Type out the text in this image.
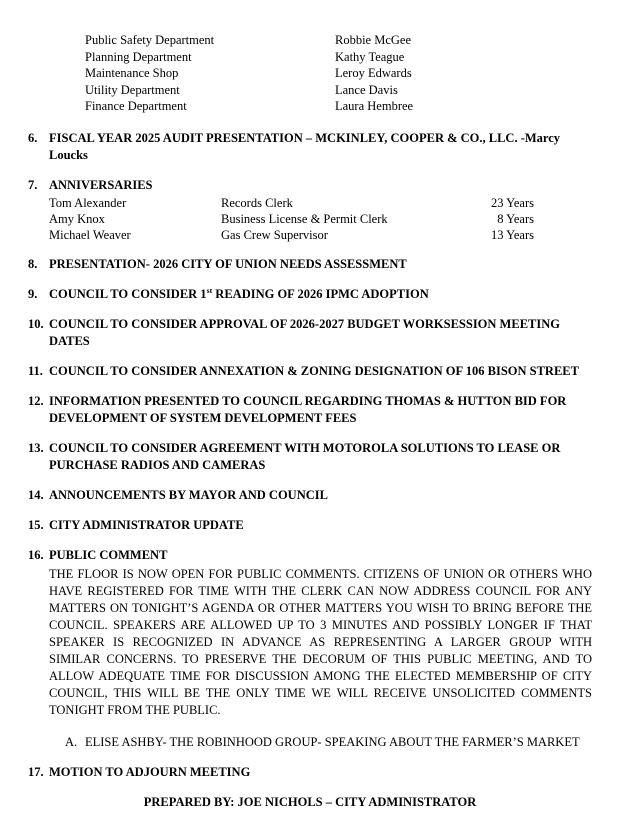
Public Safety Department	Robbie McGee
Planning Department	Kathy Teague
Maintenance Shop	Leroy Edwards
Utility Department	Lance Davis
Finance Department	Laura Hembree
6. FISCAL YEAR 2025 AUDIT PRESENTATION – MCKINLEY, COOPER & CO., LLC. -Marcy Loucks
7. ANNIVERSARIES
Tom Alexander	Records Clerk	23 Years
Amy Knox	Business License & Permit Clerk	8 Years
Michael Weaver	Gas Crew Supervisor	13 Years
8. PRESENTATION- 2026 CITY OF UNION NEEDS ASSESSMENT
9. COUNCIL TO CONSIDER 1st READING OF 2026 IPMC ADOPTION
10. COUNCIL TO CONSIDER APPROVAL OF 2026-2027 BUDGET WORKSESSION MEETING DATES
11. COUNCIL TO CONSIDER ANNEXATION & ZONING DESIGNATION OF 106 BISON STREET
12. INFORMATION PRESENTED TO COUNCIL REGARDING THOMAS & HUTTON BID FOR DEVELOPMENT OF SYSTEM DEVELOPMENT FEES
13. COUNCIL TO CONSIDER AGREEMENT WITH MOTOROLA SOLUTIONS TO LEASE OR PURCHASE RADIOS AND CAMERAS
14. ANNOUNCEMENTS BY MAYOR AND COUNCIL
15. CITY ADMINISTRATOR UPDATE
16. PUBLIC COMMENT
THE FLOOR IS NOW OPEN FOR PUBLIC COMMENTS. CITIZENS OF UNION OR OTHERS WHO HAVE REGISTERED FOR TIME WITH THE CLERK CAN NOW ADDRESS COUNCIL FOR ANY MATTERS ON TONIGHT’S AGENDA OR OTHER MATTERS YOU WISH TO BRING BEFORE THE COUNCIL. SPEAKERS ARE ALLOWED UP TO 3 MINUTES AND POSSIBLY LONGER IF THAT SPEAKER IS RECOGNIZED IN ADVANCE AS REPRESENTING A LARGER GROUP WITH SIMILAR CONCERNS. TO PRESERVE THE DECORUM OF THIS PUBLIC MEETING, AND TO ALLOW ADEQUATE TIME FOR DISCUSSION AMONG THE ELECTED MEMBERSHIP OF CITY COUNCIL, THIS WILL BE THE ONLY TIME WE WILL RECEIVE UNSOLICITED COMMENTS TONIGHT FROM THE PUBLIC.
A. ELISE ASHBY- THE ROBINHOOD GROUP- SPEAKING ABOUT THE FARMER’S MARKET
17. MOTION TO ADJOURN MEETING
PREPARED BY: JOE NICHOLS – CITY ADMINISTRATOR
